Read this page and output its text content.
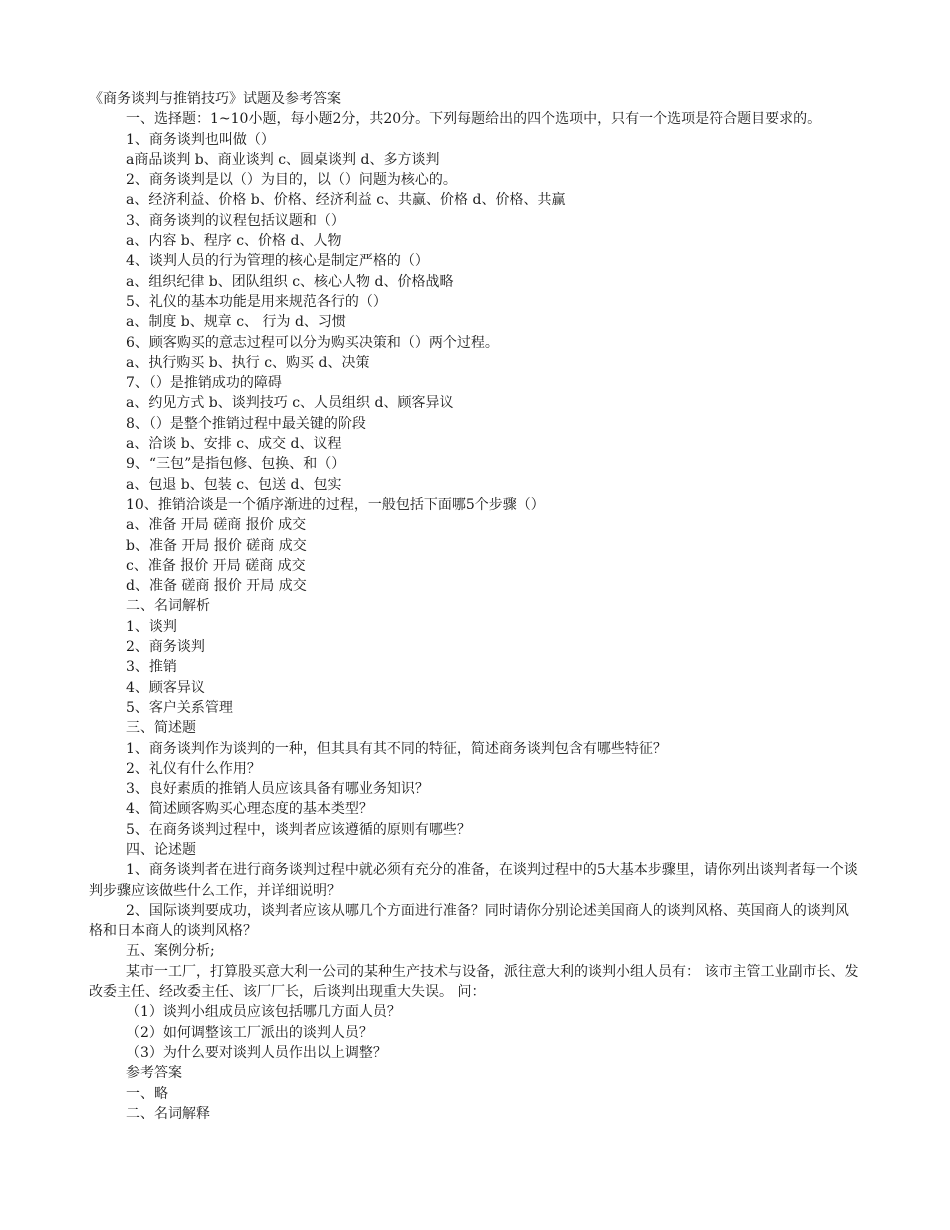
《商务谈判与推销技巧》试题及参考答案

一、选择题：1~10小题，每小题2分，共20分。下列每题给出的四个选项中，只有一个选项是符合题目要求的。

1、商务谈判也叫做（）

a商品谈判 b、商业谈判 c、圆桌谈判 d、多方谈判

2、商务谈判是以（）为目的，以（）问题为核心的。

a、经济利益、价格 b、价格、经济利益 c、共赢、价格 d、价格、共赢

3、商务谈判的议程包括议题和（）

a、内容 b、程序 c、价格 d、人物

4、谈判人员的行为管理的核心是制定严格的（）

a、组织纪律 b、团队组织 c、核心人物 d、价格战略

5、礼仪的基本功能是用来规范各行的（）

a、制度 b、规章 c、 行为 d、习惯

6、顾客购买的意志过程可以分为购买决策和（）两个过程。

a、执行购买 b、执行 c、购买 d、决策

7、（）是推销成功的障碍

a、约见方式 b、谈判技巧 c、人员组织 d、顾客异议

8、（）是整个推销过程中最关键的阶段

a、洽谈 b、安排 c、成交 d、议程

9、“三包”是指包修、包换、和（）

a、包退 b、包装 c、包送 d、包实

10、推销洽谈是一个循序渐进的过程，一般包括下面哪5个步骤（）

a、准备 开局 磋商 报价 成交

b、准备 开局 报价 磋商 成交

c、准备 报价 开局 磋商 成交

d、准备 磋商 报价 开局 成交

二、名词解析

1、谈判

2、商务谈判

3、推销

4、顾客异议

5、客户关系管理

三、简述题

1、商务谈判作为谈判的一种，但其具有其不同的特征，简述商务谈判包含有哪些特征？

2、礼仪有什么作用？

3、良好素质的推销人员应该具备有哪业务知识？

4、简述顾客购买心理态度的基本类型？

5、在商务谈判过程中，谈判者应该遵循的原则有哪些？

四、论述题

1、商务谈判者在进行商务谈判过程中就必须有充分的准备，在谈判过程中的5大基本步骤里，请你列出谈判者每一个谈判步骤应该做些什么工作，并详细说明？

2、国际谈判要成功，谈判者应该从哪几个方面进行准备？同时请你分别论述美国商人的谈判风格、英国商人的谈判风格和日本商人的谈判风格？

五、案例分析;

某市一工厂，打算股买意大利一公司的某种生产技术与设备，派往意大利的谈判小组人员有： 该市主管工业副市长、发改委主任、经改委主任、该厂厂长，后谈判出现重大失误。 问：

（1）谈判小组成员应该包括哪几方面人员？

（2）如何调整该工厂派出的谈判人员？

（3）为什么要对谈判人员作出以上调整？

参考答案

一、略

二、名词解释
